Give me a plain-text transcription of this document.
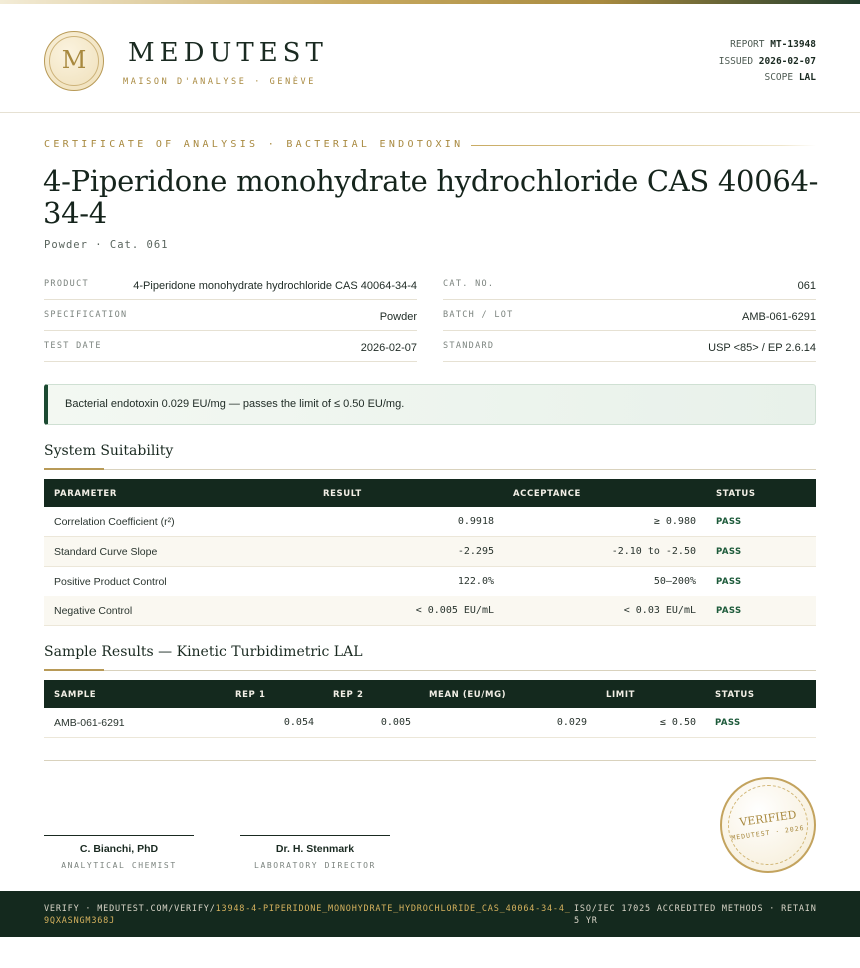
M	MEDUTEST
MAISON D'ANALYSE · GENÈVE
REPORT MT-13948
ISSUED 2026-02-07
SCOPE LAL
CERTIFICATE OF ANALYSIS · BACTERIAL ENDOTOXIN
4-Piperidone monohydrate hydrochloride CAS 40064-34-4
Powder · Cat. 061
PRODUCT	4-Piperidone monohydrate hydrochloride CAS 40064-34-4
SPECIFICATION	Powder
TEST DATE	2026-02-07
CAT. NO.	061
BATCH / LOT	AMB-061-6291
STANDARD	USP <85> / EP 2.6.14
Bacterial endotoxin 0.029 EU/mg — passes the limit of ≤ 0.50 EU/mg.
System Suitability
PARAMETER	RESULT	ACCEPTANCE	STATUS
Correlation Coefficient (r²)	0.9918	≥ 0.980 PASS
Standard Curve Slope	-2.295	-2.10 to -2.50 PASS
Positive Product Control	122.0%	50–200% PASS
Negative Control	< 0.005 EU/mL	< 0.03 EU/mL PASS
Sample Results — Kinetic Turbidimetric LAL
SAMPLE	REP 1	REP 2	MEAN (EU/MG)	LIMIT	STATUS
AMB-061-6291	0.054	0.005	0.029	≤ 0.50 PASS
C. Bianchi, PhD
ANALYTICAL CHEMIST
Dr. H. Stenmark
LABORATORY DIRECTOR
VERIFIED
MEDUTEST · 2026
VERIFY · MEDUTEST.COM/VERIFY/13948-4-PIPERIDONE_MONOHYDRATE_HYDROCHLORIDE_CAS_40064-34-4_9QXASNGM368J
ISO/IEC 17025 ACCREDITED METHODS · RETAIN 5 YR
